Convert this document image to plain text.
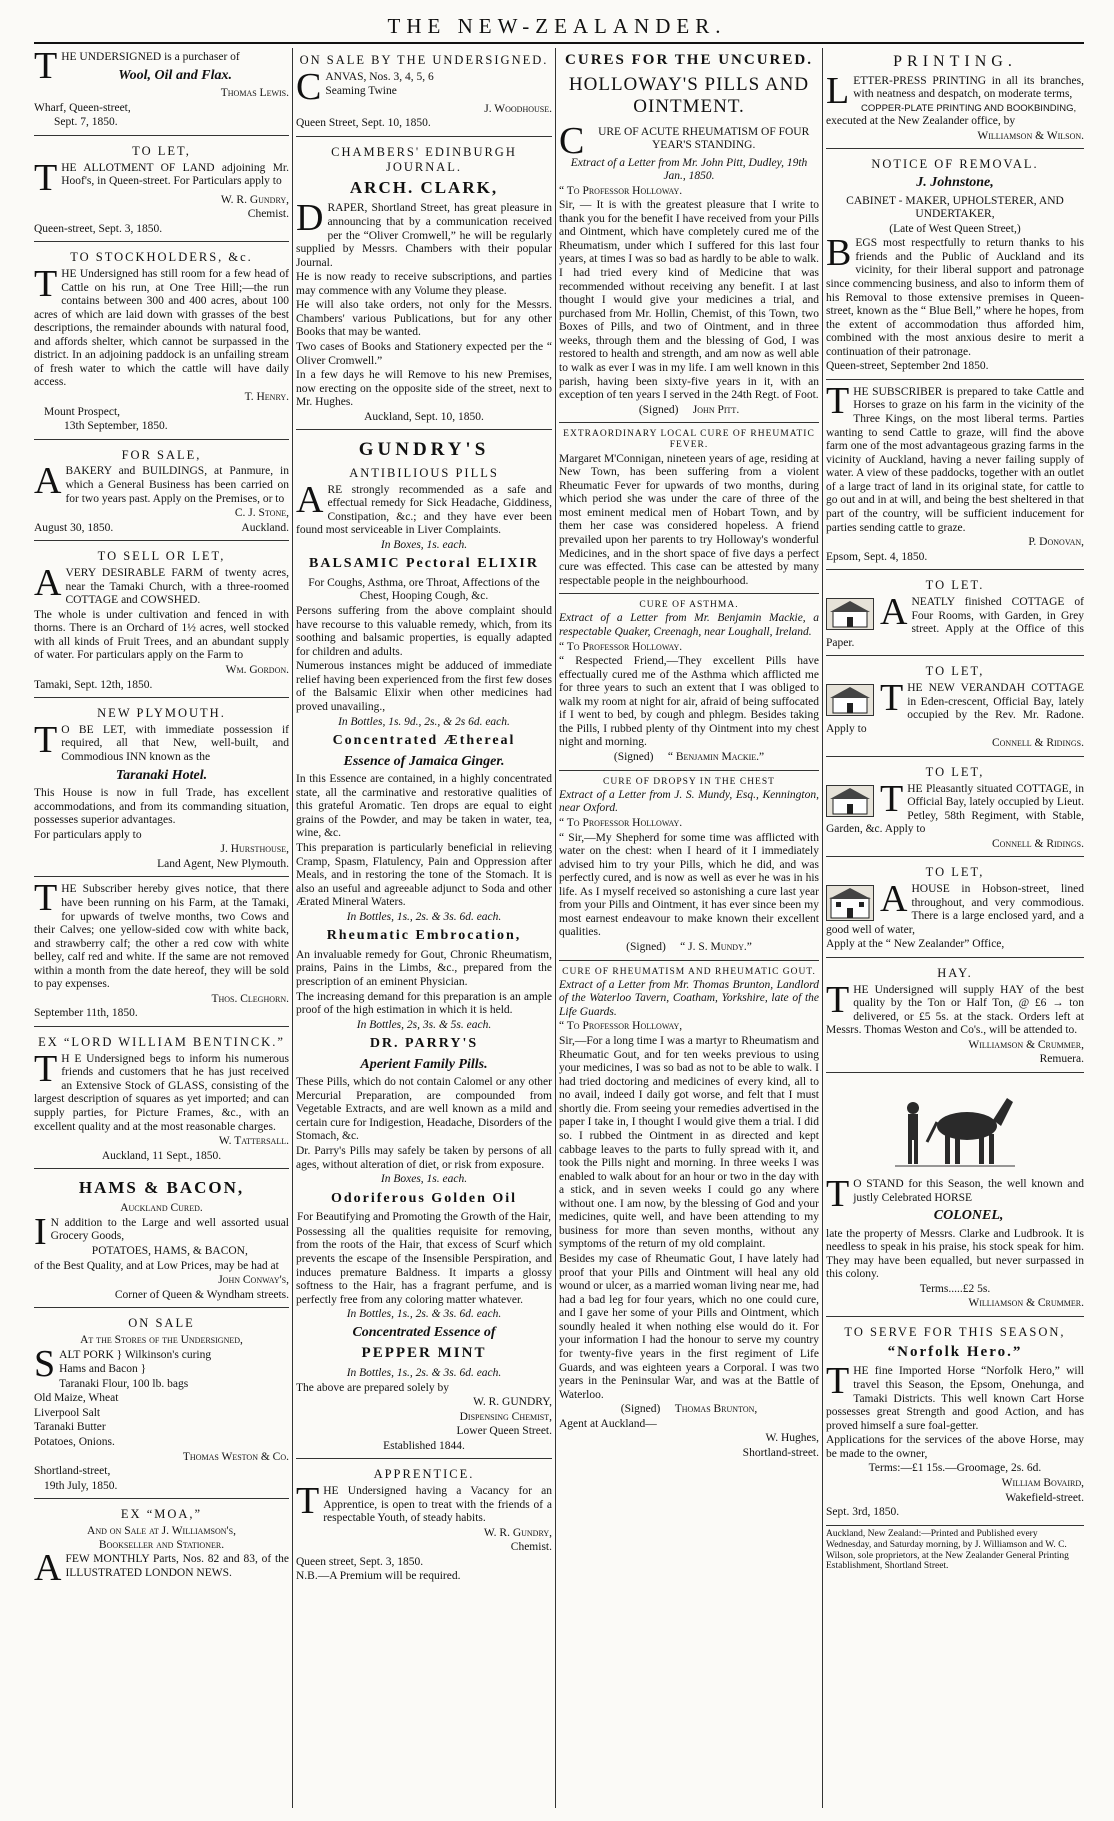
THE NEW-ZEALANDER.
T HE UNDERSIGNED is a purchaser of

Wool, Oil and Flax.

Thomas Lewis.

Wharf, Queen-street,

Sept. 7, 1850.

TO LET,
T HE ALLOTMENT OF LAND adjoining Mr. Hoof's, in Queen-street. For Particulars apply to

W. R. Gundry,

Chemist.

Queen-street, Sept. 3, 1850.

TO STOCKHOLDERS, &c.
T HE Undersigned has still room for a few head of Cattle on his run, at One Tree Hill;—the run contains between 300 and 400 acres, about 100 acres of which are laid down with grasses of the best descriptions, the remainder abounds with natural food, and affords shelter, which cannot be surpassed in the district. In an adjoining paddock is an unfailing stream of fresh water to which the cattle will have daily access.

T. Henry.

Mount Prospect,

13th September, 1850.

FOR SALE,
A BAKERY and BUILDINGS, at Panmure, in which a General Business has been carried on for two years past. Apply on the Premises, or to

C. J. Stone,

August 30, 1850.	Auckland.

TO SELL OR LET,
A VERY DESIRABLE FARM of twenty acres, near the Tamaki Church, with a three-roomed COTTAGE and COWSHED.

The whole is under cultivation and fenced in with thorns. There is an Orchard of 1½ acres, well stocked with all kinds of Fruit Trees, and an abundant supply of water. For particulars apply on the Farm to

Wm. Gordon.

Tamaki, Sept. 12th, 1850.

NEW PLYMOUTH.
T O BE LET, with immediate possession if required, all that New, well-built, and Commodious INN known as the

Taranaki Hotel.

This House is now in full Trade, has excellent accommodations, and from its commanding situation, possesses superior advantages.

For particulars apply to

J. Hursthouse,

Land Agent, New Plymouth.

T HE Subscriber hereby gives notice, that there have been running on his Farm, at the Tamaki, for upwards of twelve months, two Cows and their Calves; one yellow-sided cow with white back, and strawberry calf; the other a red cow with white belley, calf red and white. If the same are not removed within a month from the date hereof, they will be sold to pay expenses.

Thos. Cleghorn.

September 11th, 1850.

EX “LORD WILLIAM BENTINCK.”
T H E Undersigned begs to inform his numerous friends and customers that he has just received an Extensive Stock of GLASS, consisting of the largest description of squares as yet imported; and can supply parties, for Picture Frames, &c., with an excellent quality and at the most reasonable charges.

W. Tattersall.

Auckland, 11 Sept., 1850.

HAMS & BACON,
Auckland Cured.
I N addition to the Large and well assorted usual Grocery Goods,

POTATOES, HAMS, & BACON,

of the Best Quality, and at Low Prices, may be had at

John Conway's,

Corner of Queen & Wyndham streets.

ON SALE
At the Stores of the Undersigned,
S ALT PORK } Wilkinson's curing

Hams and Bacon }

Taranaki Flour, 100 lb. bags

Old Maize, Wheat

Liverpool Salt

Taranaki Butter

Potatoes, Onions.

Thomas Weston & Co.

Shortland-street,

19th July, 1850.

EX “MOA,”
And on Sale at J. Williamson's,
Bookseller and Stationer.
A FEW MONTHLY Parts, Nos. 82 and 83, of the ILLUSTRATED LONDON NEWS.

ON SALE BY THE UNDERSIGNED.
C ANVAS, Nos. 3, 4, 5, 6

Seaming Twine

J. Woodhouse.

Queen Street, Sept. 10, 1850.

CHAMBERS' EDINBURGH JOURNAL.
ARCH. CLARK,
D RAPER, Shortland Street, has great pleasure in announcing that by a communication received per the “Oliver Cromwell,” he will be regularly supplied by Messrs. Chambers with their popular Journal.

He is now ready to receive subscriptions, and parties may commence with any Volume they please.

He will also take orders, not only for the Messrs. Chambers' various Publications, but for any other Books that may be wanted.

Two cases of Books and Stationery expected per the “ Oliver Cromwell.”

In a few days he will Remove to his new Premises, now erecting on the opposite side of the street, next to Mr. Hughes.

Auckland, Sept. 10, 1850.

GUNDRY'S
ANTIBILIOUS PILLS
A RE strongly recommended as a safe and effectual remedy for Sick Headache, Giddiness, Constipation, &c.; and they have ever been found most serviceable in Liver Complaints.

In Boxes, 1s. each.

BALSAMIC Pectoral ELIXIR

For Coughs, Asthma, ore Throat, Affections of the Chest, Hooping Cough, &c.

Persons suffering from the above complaint should have recourse to this valuable remedy, which, from its soothing and balsamic properties, is equally adapted for children and adults.

Numerous instances might be adduced of immediate relief having been experienced from the first few doses of the Balsamic Elixir when other medicines had proved unavailing.,

In Bottles, 1s. 9d., 2s., & 2s 6d. each.

Concentrated Æthereal
Essence of Jamaica Ginger.

In this Essence are contained, in a highly concentrated state, all the carminative and restorative qualities of this grateful Aromatic. Ten drops are equal to eight grains of the Powder, and may be taken in water, tea, wine, &c.

This preparation is particularly beneficial in relieving Cramp, Spasm, Flatulency, Pain and Oppression after Meals, and in restoring the tone of the Stomach. It is also an useful and agreeable adjunct to Soda and other Ærated Mineral Waters.

In Bottles, 1s., 2s. & 3s. 6d. each.

Rheumatic Embrocation,

An invaluable remedy for Gout, Chronic Rheumatism, prains, Pains in the Limbs, &c., prepared from the prescription of an eminent Physician.

The increasing demand for this preparation is an ample proof of the high estimation in which it is held.

In Bottles, 2s, 3s. & 5s. each.

DR. PARRY'S
Aperient Family Pills.

These Pills, which do not contain Calomel or any other Mercurial Preparation, are compounded from Vegetable Extracts, and are well known as a mild and certain cure for Indigestion, Headache, Disorders of the Stomach, &c.

Dr. Parry's Pills may safely be taken by persons of all ages, without alteration of diet, or risk from exposure.

In Boxes, 1s. each.

Odoriferous Golden Oil

For Beautifying and Promoting the Growth of the Hair,

Possessing all the qualities requisite for removing, from the roots of the Hair, that excess of Scurf which prevents the escape of the Insensible Perspiration, and induces premature Baldness. It imparts a glossy softness to the Hair, has a fragrant perfume, and is perfectly free from any coloring matter whatever.

In Bottles, 1s., 2s. & 3s. 6d. each.

Concentrated Essence of
PEPPER MINT

In Bottles, 1s., 2s. & 3s. 6d. each.

The above are prepared solely by

W. R. GUNDRY,

Dispensing Chemist,

Lower Queen Street.

Established 1844.

APPRENTICE.
T HE Undersigned having a Vacancy for an Apprentice, is open to treat with the friends of a respectable Youth, of steady habits.

W. R. Gundry,

Chemist.

Queen street, Sept. 3, 1850.

N.B.—A Premium will be required.

CURES FOR THE UNCURED.
HOLLOWAY'S PILLS AND OINTMENT.
C	URE OF ACUTE RHEUMATISM OF FOUR YEAR'S STANDING.

Extract of a Letter from Mr. John Pitt, Dudley, 19th Jan., 1850.

“ To Professor Holloway.

Sir, — It is with the greatest pleasure that I write to thank you for the benefit I have received from your Pills and Ointment, which have completely cured me of the Rheumatism, under which I suffered for this last four years, at times I was so bad as hardly to be able to walk. I had tried every kind of Medicine that was recommended without receiving any benefit. I at last thought I would give your medicines a trial, and purchased from Mr. Hollin, Chemist, of this Town, two Boxes of Pills, and two of Ointment, and in three weeks, through them and the blessing of God, I was restored to health and strength, and am now as well able to walk as ever I was in my life. I am well known in this parish, having been sixty-five years in it, with an exception of ten years I served in the 24th Regt. of Foot.

(Signed) John Pitt.

EXTRAORDINARY LOCAL CURE OF RHEUMATIC FEVER.

Margaret M'Connigan, nineteen years of age, residing at New Town, has been suffering from a violent Rheumatic Fever for upwards of two months, during which period she was under the care of three of the most eminent medical men of Hobart Town, and by them her case was considered hopeless. A friend prevailed upon her parents to try Holloway's wonderful Medicines, and in the short space of five days a perfect cure was effected. This case can be attested by many respectable people in the neighbourhood.

CURE OF ASTHMA.

Extract of a Letter from Mr. Benjamin Mackie, a respectable Quaker, Creenagh, near Loughall, Ireland.

“ To Professor Holloway.

“ Respected Friend,—They excellent Pills have effectually cured me of the Asthma which afflicted me for three years to such an extent that I was obliged to walk my room at night for air, afraid of being suffocated if I went to bed, by cough and phlegm. Besides taking the Pills, I rubbed plenty of thy Ointment into my chest night and morning.

(Signed) “ Benjamin Mackie.”

CURE OF DROPSY IN THE CHEST

Extract of a Letter from J. S. Mundy, Esq., Kennington, near Oxford.

“ To Professor Holloway.

“ Sir,—My Shepherd for some time was afflicted with water on the chest: when I heard of it I immediately advised him to try your Pills, which he did, and was perfectly cured, and is now as well as ever he was in his life. As I myself received so astonishing a cure last year from your Pills and Ointment, it has ever since been my most earnest endeavour to make known their excellent qualities.

(Signed) “ J. S. Mundy.”

CURE OF RHEUMATISM AND RHEUMATIC GOUT.

Extract of a Letter from Mr. Thomas Brunton, Landlord of the Waterloo Tavern, Coatham, Yorkshire, late of the Life Guards.

“ To Professor Holloway,

Sir,—For a long time I was a martyr to Rheumatism and Rheumatic Gout, and for ten weeks previous to using your medicines, I was so bad as not to be able to walk. I had tried doctoring and medicines of every kind, all to no avail, indeed I daily got worse, and felt that I must shortly die. From seeing your remedies advertised in the paper I take in, I thought I would give them a trial. I did so. I rubbed the Ointment in as directed and kept cabbage leaves to the parts to fully spread with it, and took the Pills night and morning. In three weeks I was enabled to walk about for an hour or two in the day with a stick, and in seven weeks I could go any where without one. I am now, by the blessing of God and your medicines, quite well, and have been attending to my business for more than seven months, without any symptoms of the return of my old complaint.

Besides my case of Rheumatic Gout, I have lately had proof that your Pills and Ointment will heal any old wound or ulcer, as a married woman living near me, had had a bad leg for four years, which no one could cure, and I gave her some of your Pills and Ointment, which soundly healed it when nothing else would do it. For your information I had the honour to serve my country for twenty-five years in the first regiment of Life Guards, and was eighteen years a Corporal. I was two years in the Peninsular War, and was at the Battle of Waterloo.

(Signed) Thomas Brunton,

Agent at Auckland—

W. Hughes,

Shortland-street.

PRINTING.
L ETTER-PRESS PRINTING in all its branches, with neatness and despatch, on moderate terms,

COPPER-PLATE PRINTING AND BOOKBINDING,

executed at the New Zealander office, by

Williamson & Wilson.

NOTICE OF REMOVAL.
J. Johnstone,

CABINET - MAKER, UPHOLSTERER, AND UNDERTAKER,

(Late of West Queen Street,)

B EGS most respectfully to return thanks to his friends and the Public of Auckland and its vicinity, for their liberal support and patronage since commencing business, and also to inform them of his Removal to those extensive premises in Queen-street, known as the “ Blue Bell,” where he hopes, from the extent of accommodation thus afforded him, combined with the most anxious desire to merit a continuation of their patronage.

Queen-street, September 2nd 1850.

T HE SUBSCRIBER is prepared to take Cattle and Horses to graze on his farm in the vicinity of the Three Kings, on the most liberal terms. Parties wanting to send Cattle to graze, will find the above farm one of the most advantageous grazing farms in the vicinity of Auckland, having a never failing supply of water. A view of these paddocks, together with an outlet of a large tract of land in its original state, for cattle to go out and in at will, and being the best sheltered in that part of the country, will be sufficient inducement for parties sending cattle to graze.

P. Donovan,

Epsom, Sept. 4, 1850.

TO LET.
A NEATLY finished COTTAGE of Four Rooms, with Garden, in Grey street. Apply at the Office of this Paper.

TO LET,
T HE NEW VERANDAH COTTAGE in Eden-crescent, Official Bay, lately occupied by the Rev. Mr. Radone. Apply to

Connell & Ridings.

TO LET,
T HE Pleasantly situated COTTAGE, in Official Bay, lately occupied by Lieut. Petley, 58th Regiment, with Stable, Garden, &c. Apply to

Connell & Ridings.

TO LET,
A HOUSE in Hobson-street, lined throughout, and very commodious. There is a large enclosed yard, and a good well of water,

Apply at the “ New Zealander” Office,

HAY.
T HE Undersigned will supply HAY of the best quality by the Ton or Half Ton, @ £6 → ton delivered, or £5 5s. at the stack. Orders left at Messrs. Thomas Weston and Co's., will be attended to.

Williamson & Crummer,

Remuera.

T O STAND for this Season, the well known and justly Celebrated HORSE

COLONEL,

late the property of Messrs. Clarke and Ludbrook. It is needless to speak in his praise, his stock speak for him. They may have been equalled, but never surpassed in this colony.

Terms.....£2 5s.

Williamson & Crummer.

TO SERVE FOR THIS SEASON,
“Norfolk Hero.”
T HE fine Imported Horse “Norfolk Hero,” will travel this Season, the Epsom, Onehunga, and Tamaki Districts. This well known Cart Horse possesses great Strength and good Action, and has proved himself a sure foal-getter.

Applications for the services of the above Horse, may be made to the owner,

Terms:—£1 15s.—Groomage, 2s. 6d.

William Bovaird,

Wakefield-street.

Sept. 3rd, 1850.

Auckland, New Zealand:—Printed and Published every Wednesday, and Saturday morning, by J. Williamson and W. C. Wilson, sole proprietors, at the New Zealander General Printing Establishment, Shortland Street.
